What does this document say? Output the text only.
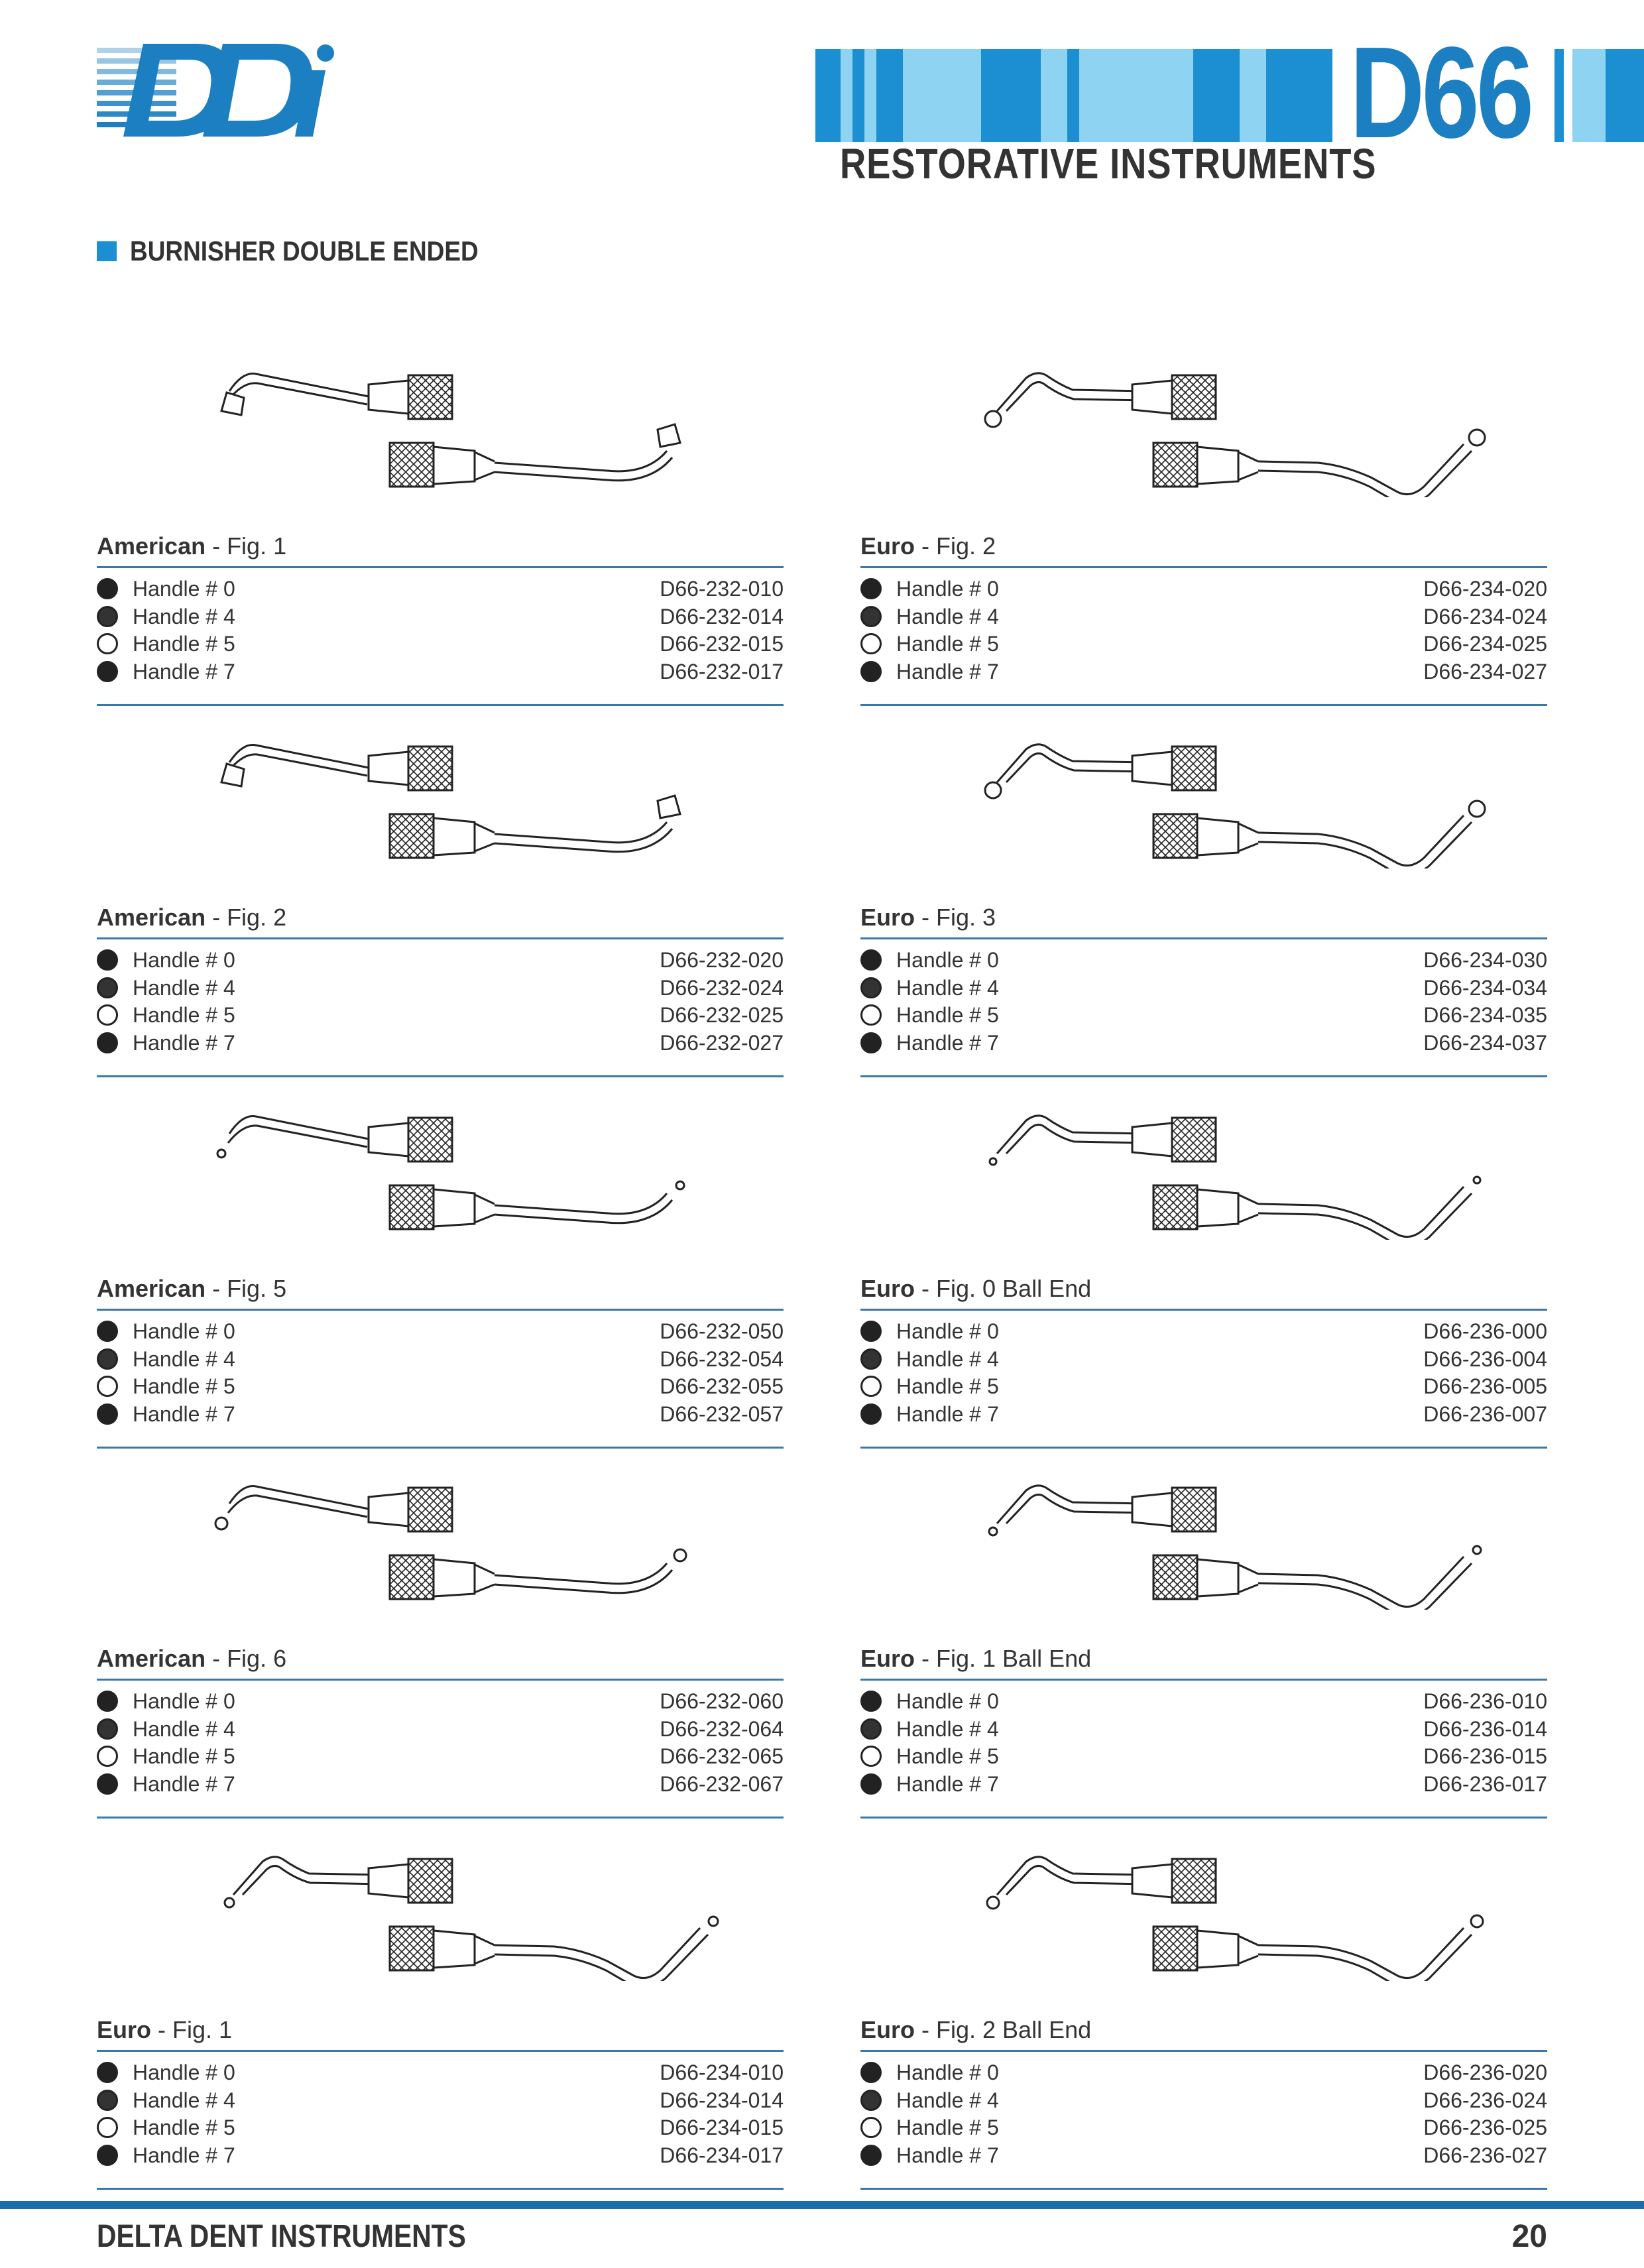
D66
RESTORATIVE INSTRUMENTS
BURNISHER DOUBLE ENDED
American - Fig. 1
Handle # 0	D66-232-010
Handle # 4	D66-232-014
Handle # 5	D66-232-015
Handle # 7	D66-232-017
Euro - Fig. 2
Handle # 0	D66-234-020
Handle # 4	D66-234-024
Handle # 5	D66-234-025
Handle # 7	D66-234-027
American - Fig. 2
Handle # 0	D66-232-020
Handle # 4	D66-232-024
Handle # 5	D66-232-025
Handle # 7	D66-232-027
Euro - Fig. 3
Handle # 0	D66-234-030
Handle # 4	D66-234-034
Handle # 5	D66-234-035
Handle # 7	D66-234-037
American - Fig. 5
Handle # 0	D66-232-050
Handle # 4	D66-232-054
Handle # 5	D66-232-055
Handle # 7	D66-232-057
Euro - Fig. 0 Ball End
Handle # 0	D66-236-000
Handle # 4	D66-236-004
Handle # 5	D66-236-005
Handle # 7	D66-236-007
American - Fig. 6
Handle # 0	D66-232-060
Handle # 4	D66-232-064
Handle # 5	D66-232-065
Handle # 7	D66-232-067
Euro - Fig. 1 Ball End
Handle # 0	D66-236-010
Handle # 4	D66-236-014
Handle # 5	D66-236-015
Handle # 7	D66-236-017
Euro - Fig. 1
Handle # 0	D66-234-010
Handle # 4	D66-234-014
Handle # 5	D66-234-015
Handle # 7	D66-234-017
Euro - Fig. 2 Ball End
Handle # 0	D66-236-020
Handle # 4	D66-236-024
Handle # 5	D66-236-025
Handle # 7	D66-236-027
DELTA DENT INSTRUMENTS	20
